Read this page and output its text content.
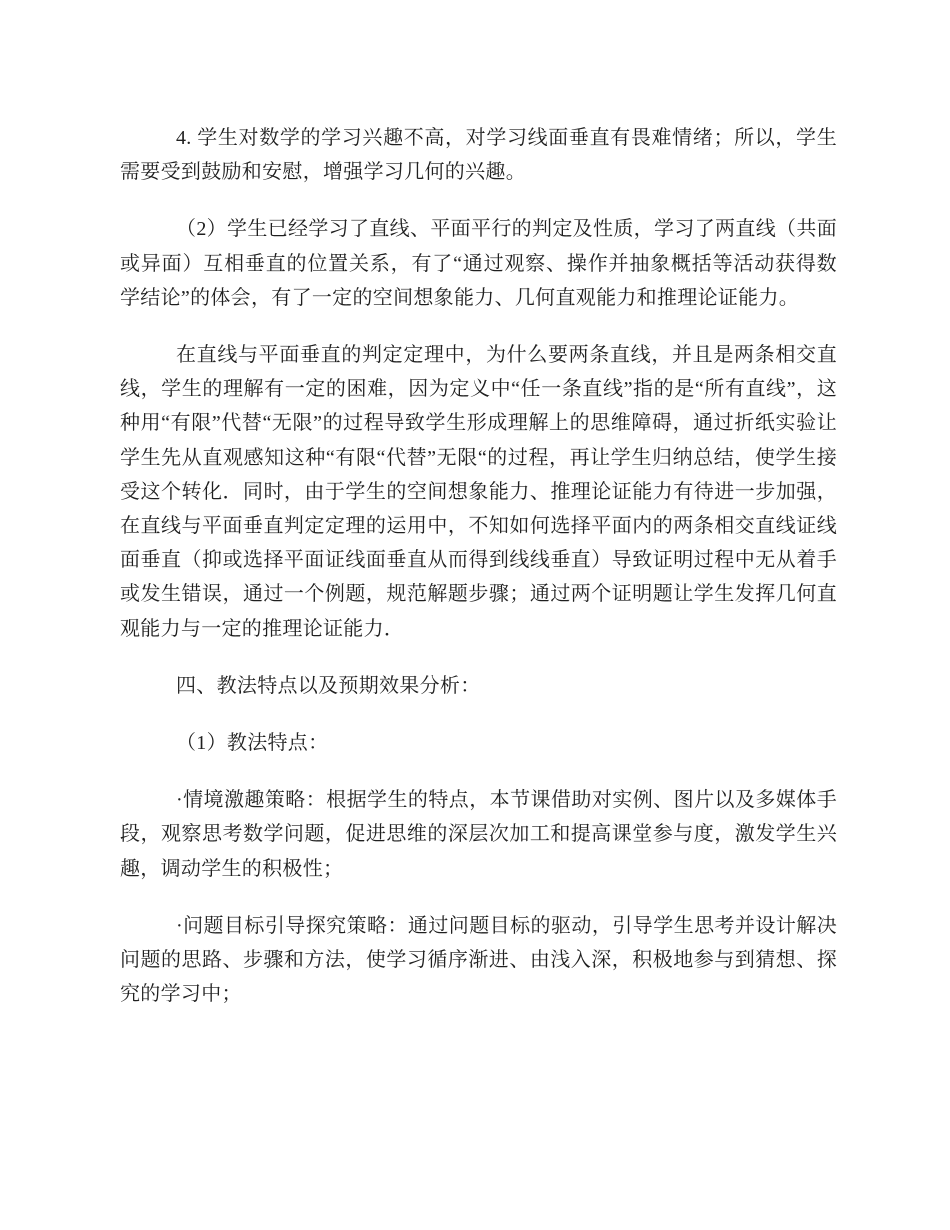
4. 学生对数学的学习兴趣不高，对学习线面垂直有畏难情绪；所以，学生需要受到鼓励和安慰，增强学习几何的兴趣。

（2）学生已经学习了直线、平面平行的判定及性质，学习了两直线（共面或异面）互相垂直的位置关系，有了“通过观察、操作并抽象概括等活动获得数学结论”的体会，有了一定的空间想象能力、几何直观能力和推理论证能力。

在直线与平面垂直的判定定理中，为什么要两条直线，并且是两条相交直线，学生的理解有一定的困难，因为定义中“任一条直线”指的是“所有直线”，这种用“有限”代替“无限”的过程导致学生形成理解上的思维障碍，通过折纸实验让学生先从直观感知这种“有限“代替”无限“的过程，再让学生归纳总结，使学生接受这个转化．同时，由于学生的空间想象能力、推理论证能力有待进一步加强，在直线与平面垂直判定定理的运用中，不知如何选择平面内的两条相交直线证线面垂直（抑或选择平面证线面垂直从而得到线线垂直）导致证明过程中无从着手或发生错误，通过一个例题，规范解题步骤；通过两个证明题让学生发挥几何直观能力与一定的推理论证能力．

四、教法特点以及预期效果分析：

（1）教法特点：

·情境激趣策略：根据学生的特点，本节课借助对实例、图片以及多媒体手段，观察思考数学问题，促进思维的深层次加工和提高课堂参与度，激发学生兴趣，调动学生的积极性；

·问题目标引导探究策略：通过问题目标的驱动，引导学生思考并设计解决问题的思路、步骤和方法，使学习循序渐进、由浅入深，积极地参与到猜想、探究的学习中；
